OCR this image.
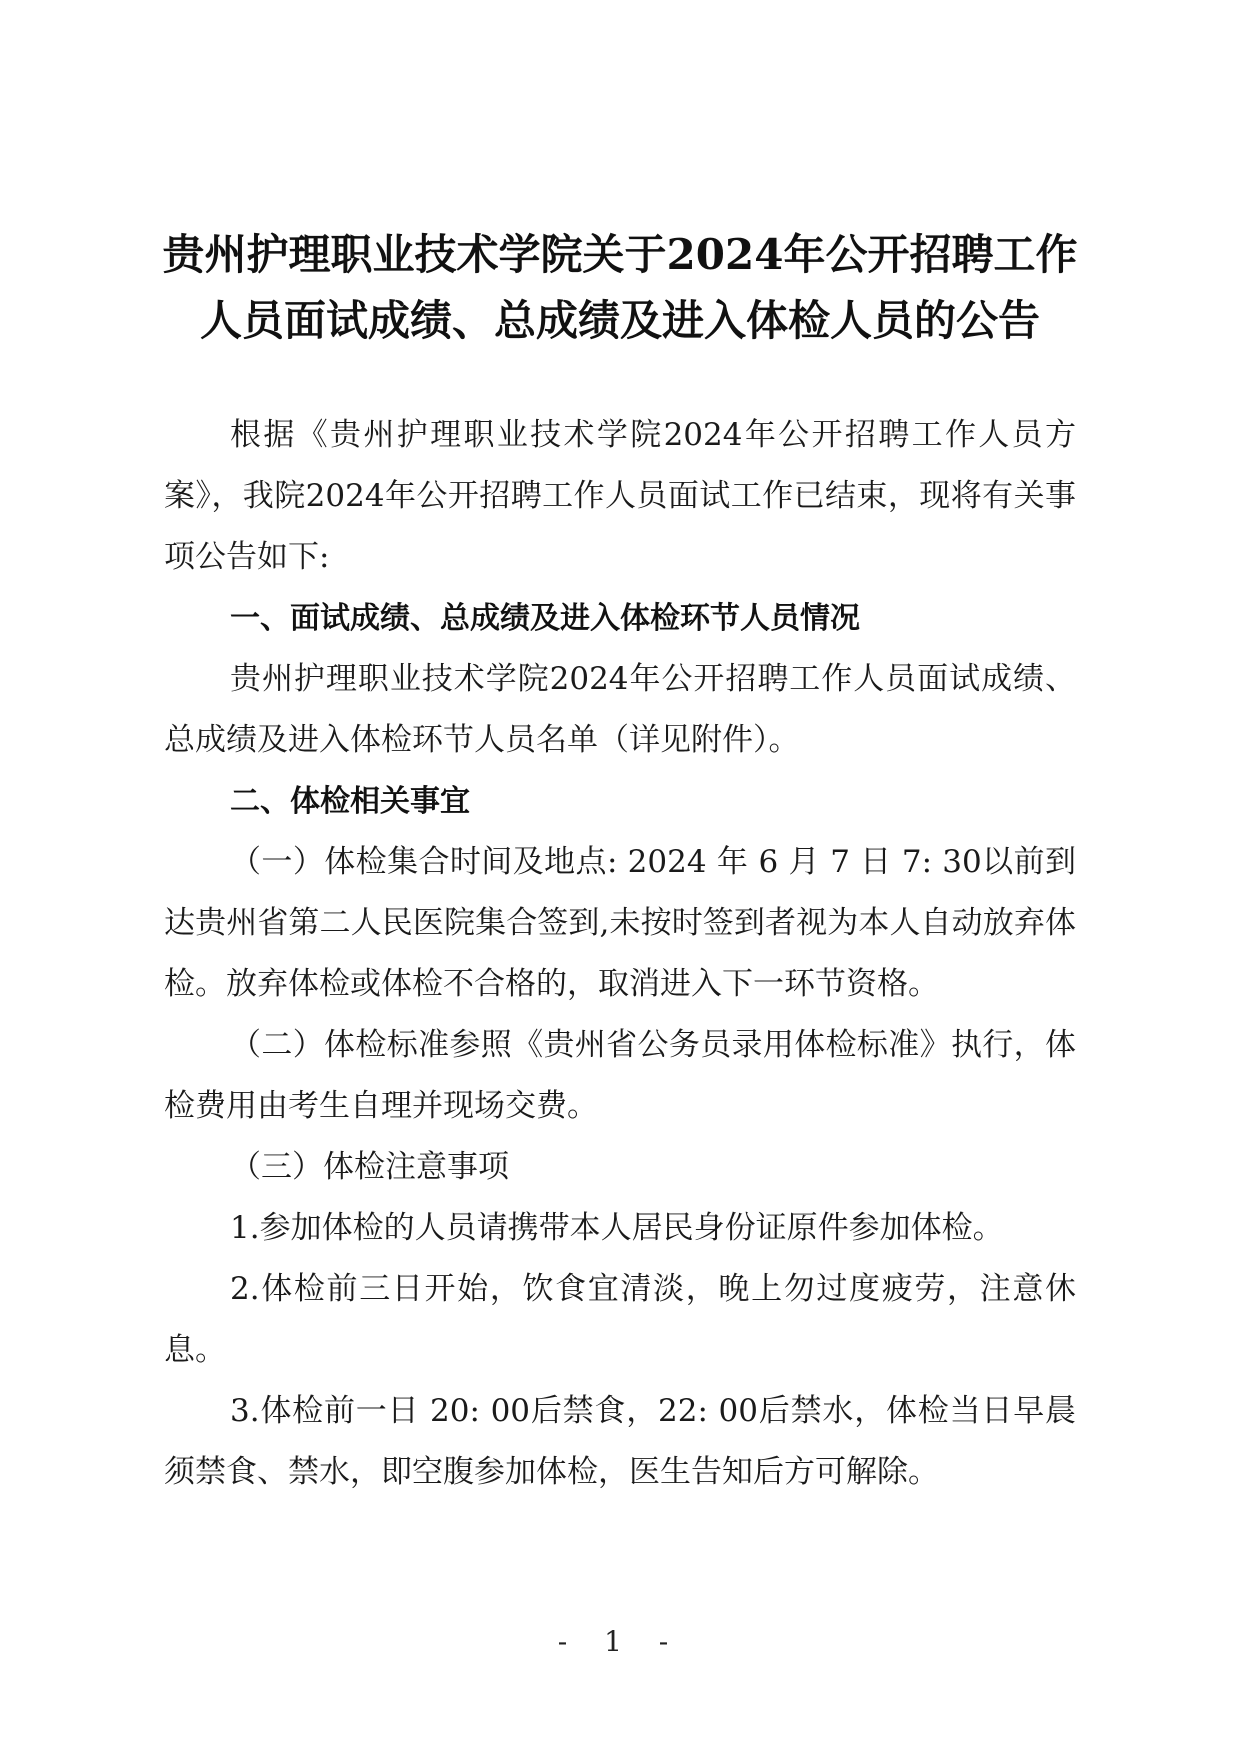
贵州护理职业技术学院关于2024年公开招聘工作
人员面试成绩、总成绩及进入体检人员的公告

根据《贵州护理职业技术学院2024年公开招聘工作人员方案》，我院2024年公开招聘工作人员面试工作已结束，现将有关事项公告如下:

一、面试成绩、总成绩及进入体检环节人员情况

贵州护理职业技术学院2024年公开招聘工作人员面试成绩、总成绩及进入体检环节人员名单（详见附件）。

二、体检相关事宜

（一）体检集合时间及地点: 2024 年 6 月 7 日 7: 30以前到达贵州省第二人民医院集合签到,未按时签到者视为本人自动放弃体检。放弃体检或体检不合格的，取消进入下一环节资格。

（二）体检标准参照《贵州省公务员录用体检标准》执行，体检费用由考生自理并现场交费。

（三）体检注意事项

1.参加体检的人员请携带本人居民身份证原件参加体检。

2.体检前三日开始，饮食宜清淡，晚上勿过度疲劳，注意休息。

3.体检前一日 20: 00后禁食，22: 00后禁水，体检当日早晨须禁食、禁水，即空腹参加体检，医生告知后方可解除。

- 1 -
